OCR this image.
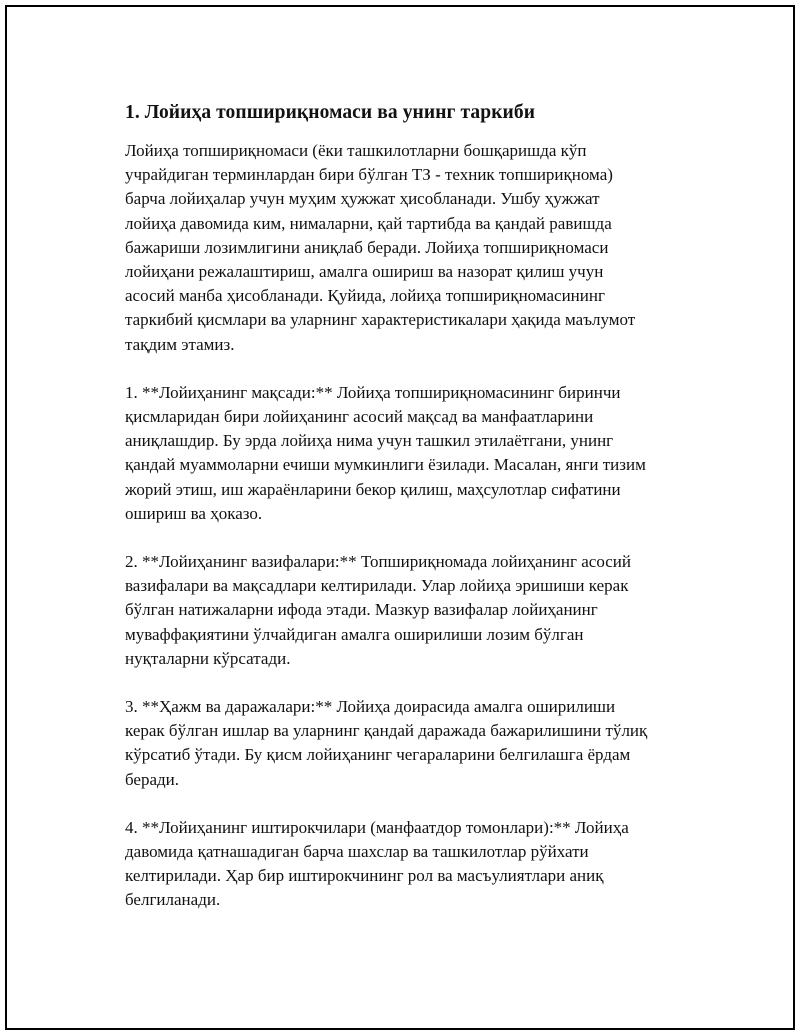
1. Лойиҳа топшириқномаси ва унинг таркиби

Лойиҳа топшириқномаси (ёки ташкилотларни бошқаришда кўп
учрайдиган терминлардан бири бўлган ТЗ - техник топшириқнома)
барча лойиҳалар учун муҳим ҳужжат ҳисобланади. Ушбу ҳужжат
лойиҳа давомида ким, нималарни, қай тартибда ва қандай равишда
бажариши лозимлигини аниқлаб беради. Лойиҳа топшириқномаси
лойиҳани режалаштириш, амалга ошириш ва назорат қилиш учун
асосий манба ҳисобланади. Қуйида, лойиҳа топшириқномасининг
таркибий қисмлари ва уларнинг характеристикалари ҳақида маълумот
тақдим этамиз.

1. **Лойиҳанинг мақсади:** Лойиҳа топшириқномасининг биринчи
қисмларидан бири лойиҳанинг асосий мақсад ва манфаатларини
аниқлашдир. Бу эрда лойиҳа нима учун ташкил этилаётгани, унинг
қандай муаммоларни ечиши мумкинлиги ёзилади. Масалан, янги тизим
жорий этиш, иш жараёнларини бекор қилиш, маҳсулотлар сифатини
ошириш ва ҳоказо.

2. **Лойиҳанинг вазифалари:** Топшириқномада лойиҳанинг асосий
вазифалари ва мақсадлари келтирилади. Улар лойиҳа эришиши керак
бўлган натижаларни ифода этади. Мазкур вазифалар лойиҳанинг
муваффақиятини ўлчайдиган амалга оширилиши лозим бўлган
нуқталарни кўрсатади.

3. **Ҳажм ва даражалари:** Лойиҳа доирасида амалга оширилиши
керак бўлган ишлар ва уларнинг қандай даражада бажарилишини тўлиқ
кўрсатиб ўтади. Бу қисм лойиҳанинг чегараларини белгилашга ёрдам
беради.

4. **Лойиҳанинг иштирокчилари (манфаатдор томонлари):** Лойиҳа
давомида қатнашадиган барча шахслар ва ташкилотлар рўйхати
келтирилади. Ҳар бир иштирокчининг рол ва масъулиятлари аниқ
белгиланади.
